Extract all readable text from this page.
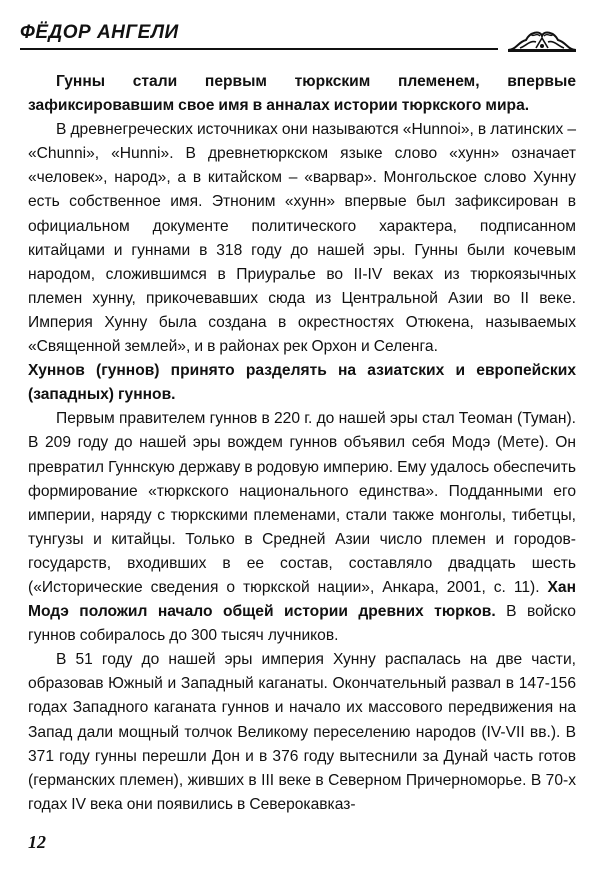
ФЁДОР АНГЕЛИ

Гунны стали первым тюркским племенем, впервые зафиксировавшим свое имя в анналах истории тюркского мира.

В древнегреческих источниках они называются «Hunnoi», в латинских – «Chunni», «Hunni». В древнетюркском языке слово «хунн» означает «человек», народ», а в китайском – «варвар». Монгольское слово Хунну есть собственное имя. Этноним «хунн» впервые был зафиксирован в официальном документе политического характера, подписанном китайцами и гуннами в 318 году до нашей эры. Гунны были кочевым народом, сложившимся в Приуралье во II-IV веках из тюркоязычных племен хунну, прикочевавших сюда из Центральной Азии во II веке. Империя Хунну была создана в окрестностях Отюкена, называемых «Священной землей», и в районах рек Орхон и Селенга.

Хуннов (гуннов) принято разделять на азиатских и европейских (западных) гуннов.

Первым правителем гуннов в 220 г. до нашей эры стал Теоман (Туман). В 209 году до нашей эры вождем гуннов объявил себя Модэ (Мете). Он превратил Гуннскую державу в родовую империю. Ему удалось обеспечить формирование «тюркского национального единства». Подданными его империи, наряду с тюркскими племенами, стали также монголы, тибетцы, тунгузы и китайцы. Только в Средней Азии число племен и городов-государств, входивших в ее состав, составляло двадцать шесть («Исторические сведения о тюркской нации», Анкара, 2001, с. 11). Хан Модэ положил начало общей истории древних тюрков. В войско гуннов собиралось до 300 тысяч лучников.

В 51 году до нашей эры империя Хунну распалась на две части, образовав Южный и Западный каганаты. Окончательный развал в 147-156 годах Западного каганата гуннов и начало их массового передвижения на Запад дали мощный толчок Великому переселению народов (IV-VII вв.). В 371 году гунны перешли Дон и в 376 году вытеснили за Дунай часть готов (германских племен), живших в III веке в Северном Причерноморье. В 70-х годах IV века они появились в Северокавказ-

12
